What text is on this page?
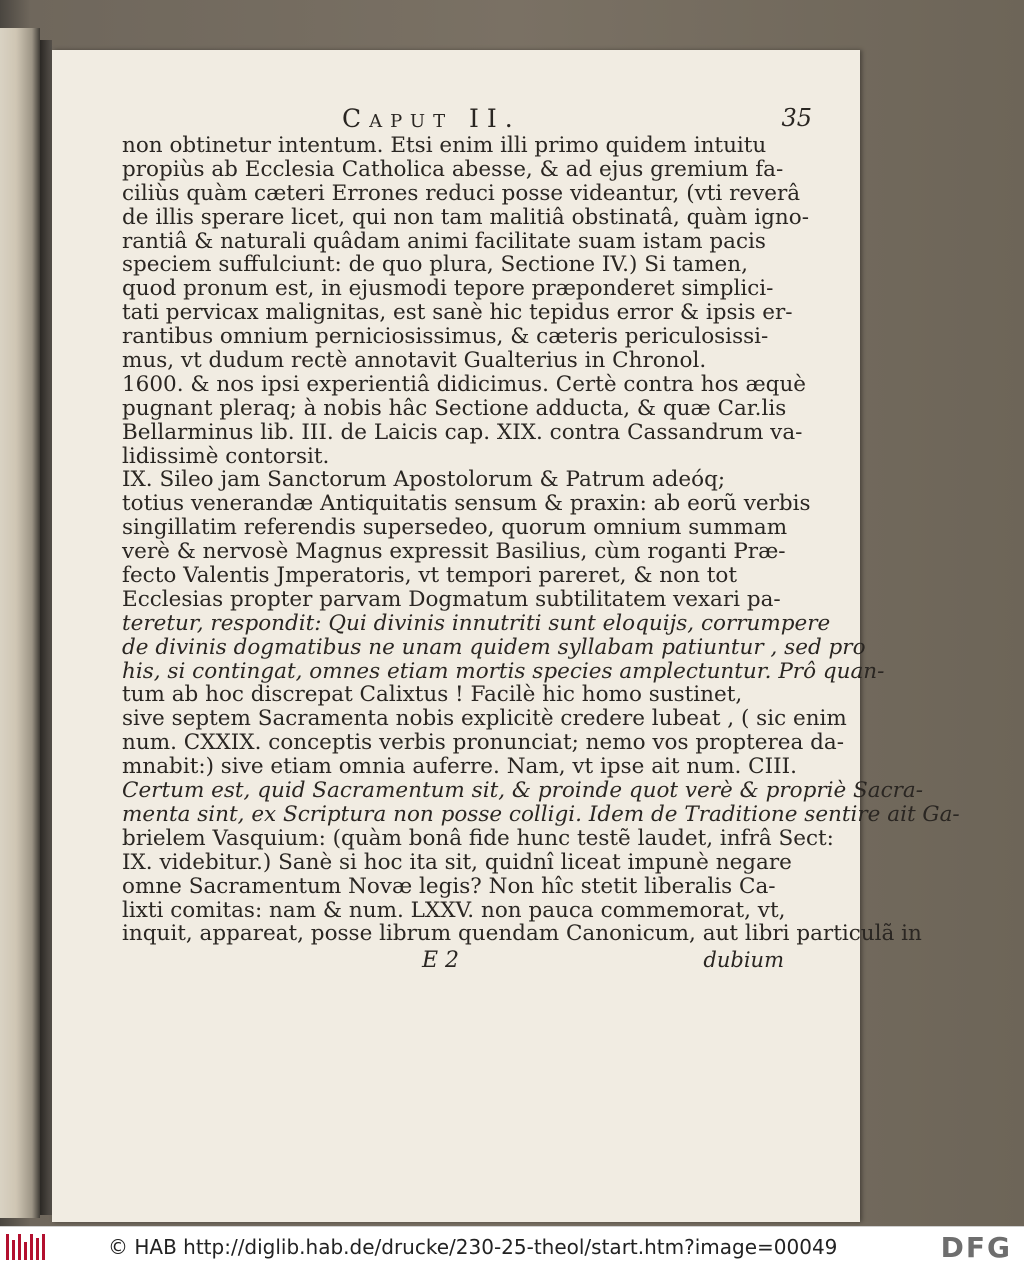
Caput II.	35
non obtinetur intentum. Etsi enim illi primo quidem intuitu
propiùs ab Ecclesia Catholica abesse, & ad ejus gremium fa-
ciliùs quàm cæteri Errones reduci posse videantur, (vti reverâ
de illis sperare licet, qui non tam malitiâ obstinatâ, quàm igno-
rantiâ & naturali quâdam animi facilitate suam istam pacis
speciem suffulciunt: de quo plura, Sectione IV.) Si tamen,
quod pronum est, in ejusmodi tepore præponderet simplici-
tati pervicax malignitas, est sanè hic tepidus error & ipsis er-
rantibus omnium perniciosissimus, & cæteris periculosissi-
mus, vt dudum rectè annotavit Gualterius in Chronol.
1600. & nos ipsi experientiâ didicimus. Certè contra hos æquè
pugnant pleraq; à nobis hâc Sectione adducta, & quæ Car.lis
Bellarminus lib. III. de Laicis cap. XIX. contra Cassandrum va-
lidissimè contorsit.
IX. Sileo jam Sanctorum Apostolorum & Patrum adeóq;
totius venerandæ Antiquitatis sensum & praxin: ab eorũ verbis
singillatim referendis supersedeo, quorum omnium summam
verè & nervosè Magnus expressit Basilius, cùm roganti Præ-
fecto Valentis Jmperatoris, vt tempori pareret, & non tot
Ecclesias propter parvam Dogmatum subtilitatem vexari pa-
teretur, respondit: Qui divinis innutriti sunt eloquijs, corrumpere
de divinis dogmatibus ne unam quidem syllabam patiuntur , sed pro
his, si contingat, omnes etiam mortis species amplectuntur. Prô quan-
tum ab hoc discrepat Calixtus ! Facilè hic homo sustinet,
sive septem Sacramenta nobis explicitè credere lubeat , ( sic enim
num. CXXIX. conceptis verbis pronunciat; nemo vos propterea da-
mnabit:) sive etiam omnia auferre. Nam, vt ipse ait num. CIII.
Certum est, quid Sacramentum sit, & proinde quot verè & propriè Sacra-
menta sint, ex Scriptura non posse colligi. Idem de Traditione sentire ait Ga-
brielem Vasquium: (quàm bonâ fide hunc testẽ laudet, infrâ Sect:
IX. videbitur.) Sanè si hoc ita sit, quidnî liceat impunè negare
omne Sacramentum Novæ legis? Non hîc stetit liberalis Ca-
lixti comitas: nam & num. LXXV. non pauca commemorat, vt,
inquit, appareat, posse librum quendam Canonicum, aut libri particulã in
E 2	dubium
© HAB http://diglib.hab.de/drucke/230-25-theol/start.htm?image=00049	DFG
